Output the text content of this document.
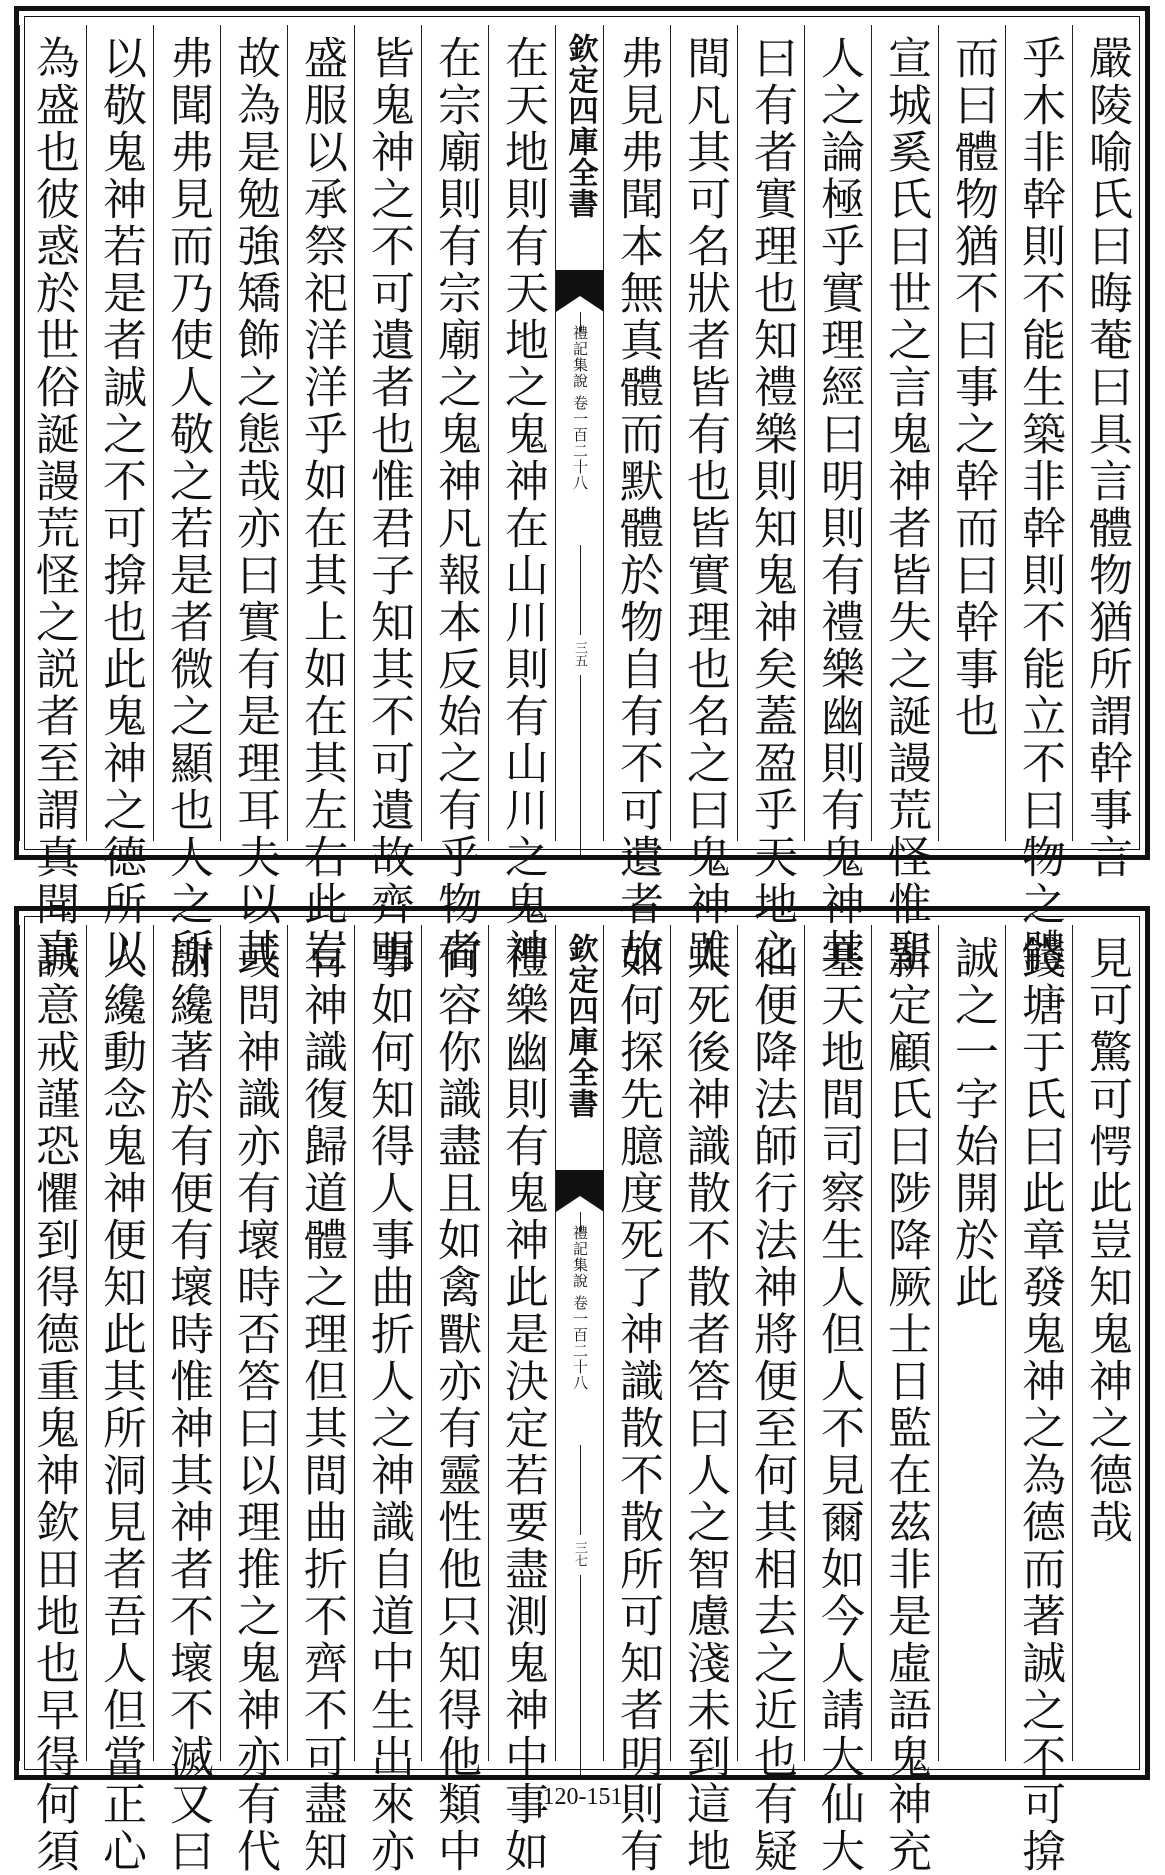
嚴陵喻氏曰晦菴曰具言體物猶所謂幹事言
乎木非幹則不能生築非幹則不能立不曰物之體
而曰體物猶不曰事之幹而曰幹事也
宣城奚氏曰世之言鬼神者皆失之誕謾荒怪惟聖
人之論極乎實理經曰明則有禮樂幽則有鬼神其
曰有者實理也知禮樂則知鬼神矣蓋盈乎天地之
間凡其可名狀者皆有也皆實理也名之曰鬼神雖
弗見弗聞本無真體而默體於物自有不可遺者故
欽定四庫全書
禮記集說 卷一百二十八
三五
在天地則有天地之鬼神在山川則有山川之鬼神
在宗廟則有宗廟之鬼神凡報本反始之有乎物者
皆鬼神之不可遺者也惟君子知其不可遺故齊明
盛服以承祭祀洋洋乎如在其上如在其左右此豈
故為是勉強矯飾之態哉亦曰實有是理耳夫以其
弗聞弗見而乃使人敬之若是者微之顯也人之所
以敬鬼神若是者誠之不可揜也此鬼神之德所以
為盛也彼惑於世俗誕謾荒怪之説者至謂真聞真
見可驚可愕此豈知鬼神之德哉
錢塘于氏曰此章發鬼神之為德而著誠之不可揜
誠之一字始開於此
新定顧氏曰陟降厥士日監在茲非是虛語鬼神充
塞天地間司察生人但人不見爾如今人請大仙大
仙便降法師行法神將便至何其相去之近也有疑
人死後神識散不散者答曰人之智慮淺未到這地
如何探先臆度死了神識散不散所可知者明則有
欽定四庫全書
禮記集說 卷一百二十八
三七
禮樂幽則有鬼神此是決定若要盡測鬼神中事如
何容你識盡且如禽獸亦有靈性他只知得他類中
事如何知得人事曲折人之神識自道中生出來亦
有神識復歸道體之理但其間曲折不齊不可盡知
或問神識亦有壞時否答曰以理推之鬼神亦有代
謝纔著於有便有壞時惟神其神者不壞不滅又曰
人纔動念鬼神便知此其所洞見者吾人但當正心
誠意戒謹恐懼到得德重鬼神欽田地也早得何須	120-151
